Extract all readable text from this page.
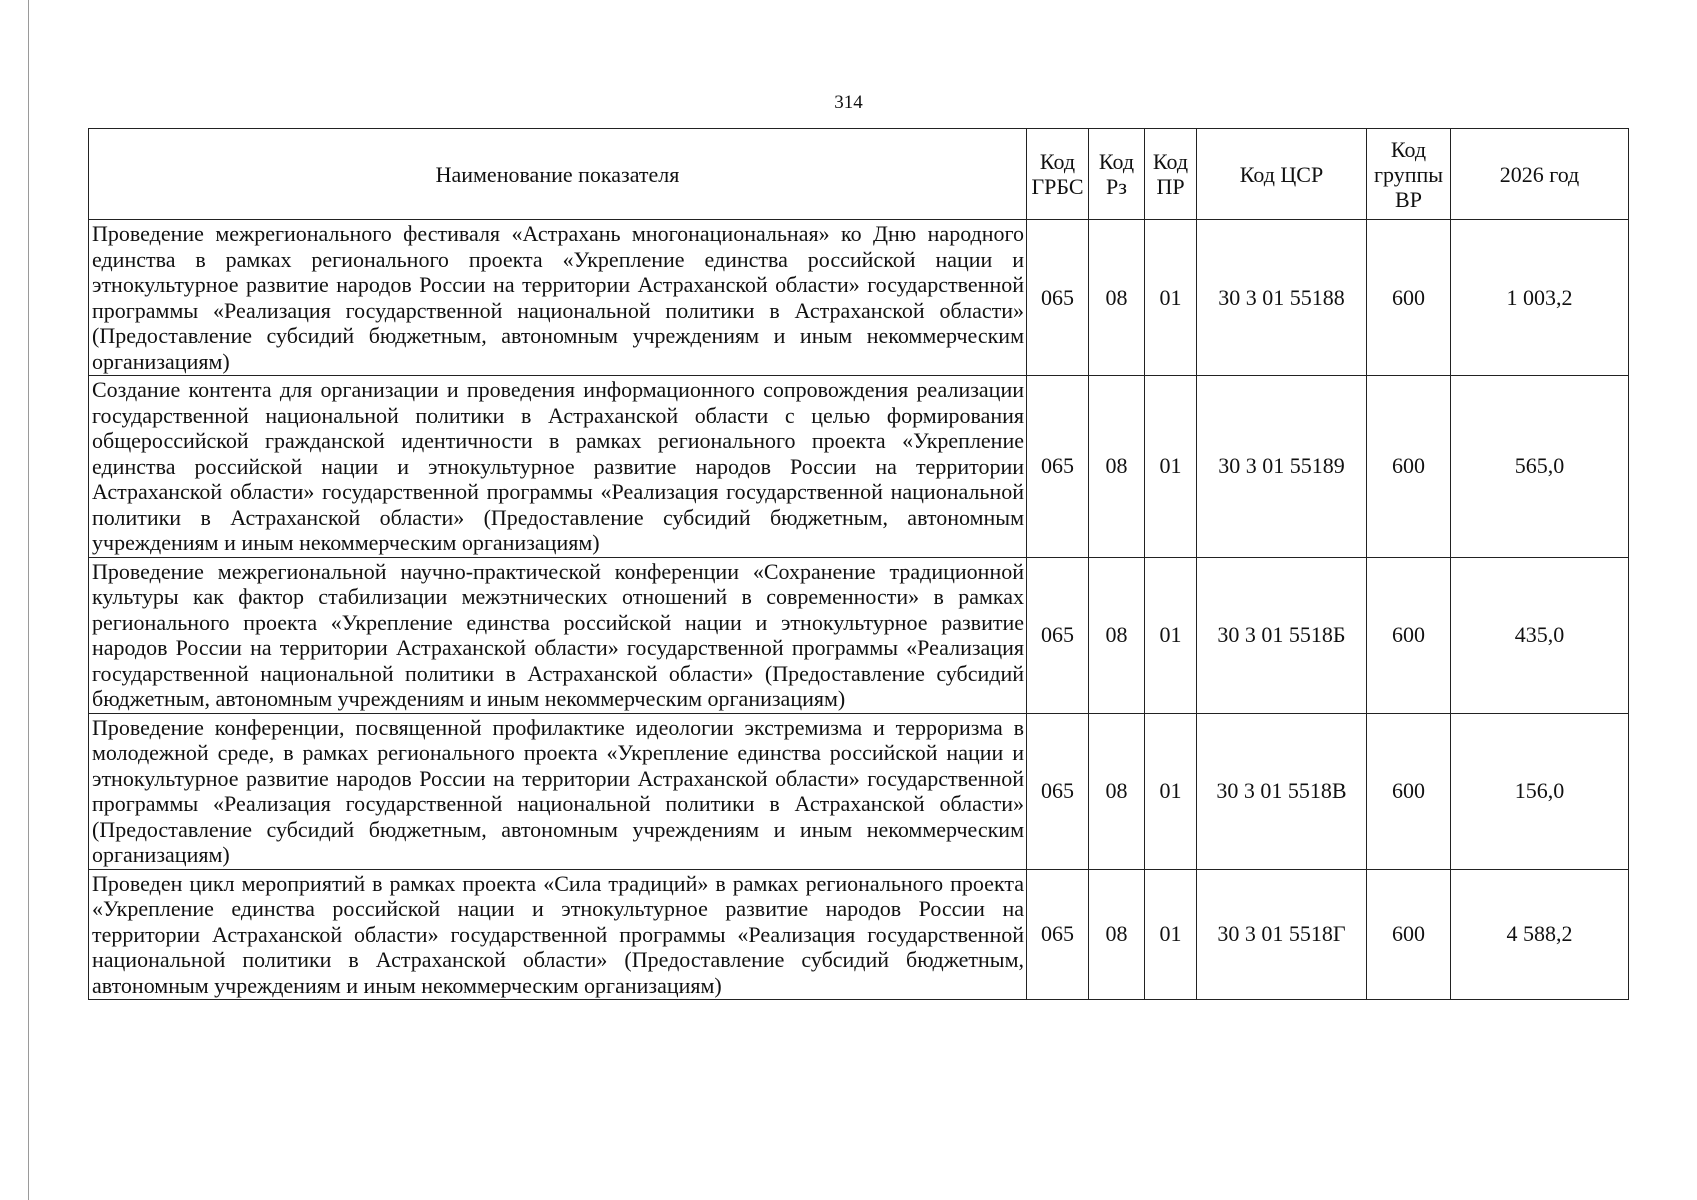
314
Наименование показателя	Код ГРБС	Код Рз	Код ПР	Код ЦСР	Код группы ВР	2026 год
Проведение межрегионального фестиваля «Астрахань многонациональная» ко Дню народного единства в рамках регионального проекта «Укрепление единства российской нации и этнокультурное развитие народов России на территории Астраханской области» государственной программы «Реализация государственной национальной политики в Астраханской области» (Предоставление субсидий бюджетным, автономным учреждениям и иным некоммерческим организациям)	065	08	01	30 3 01 55188	600	1 003,2
Создание контента для организации и проведения информационного сопровождения реализации государственной национальной политики в Астраханской области с целью формирования общероссийской гражданской идентичности в рамках регионального проекта «Укрепление единства российской нации и этнокультурное развитие народов России на территории Астраханской области» государственной программы «Реализация государственной национальной политики в Астраханской области» (Предоставление субсидий бюджетным, автономным учреждениям и иным некоммерческим организациям)	065	08	01	30 3 01 55189	600	565,0
Проведение межрегиональной научно-практической конференции «Сохранение традиционной культуры как фактор стабилизации межэтнических отношений в современности» в рамках регионального проекта «Укрепление единства российской нации и этнокультурное развитие народов России на территории Астраханской области» государственной программы «Реализация государственной национальной политики в Астраханской области» (Предоставление субсидий бюджетным, автономным учреждениям и иным некоммерческим организациям)	065	08	01	30 3 01 5518Б	600	435,0
Проведение конференции, посвященной профилактике идеологии экстремизма и терроризма в молодежной среде, в рамках регионального проекта «Укрепление единства российской нации и этнокультурное развитие народов России на территории Астраханской области» государственной программы «Реализация государственной национальной политики в Астраханской области» (Предоставление субсидий бюджетным, автономным учреждениям и иным некоммерческим организациям)	065	08	01	30 3 01 5518В	600	156,0
Проведен цикл мероприятий в рамках проекта «Сила традиций» в рамках регионального проекта «Укрепление единства российской нации и этнокультурное развитие народов России на территории Астраханской области» государственной программы «Реализация государственной национальной политики в Астраханской области» (Предоставление субсидий бюджетным, автономным учреждениям и иным некоммерческим организациям)	065	08	01	30 3 01 5518Г	600	4 588,2
